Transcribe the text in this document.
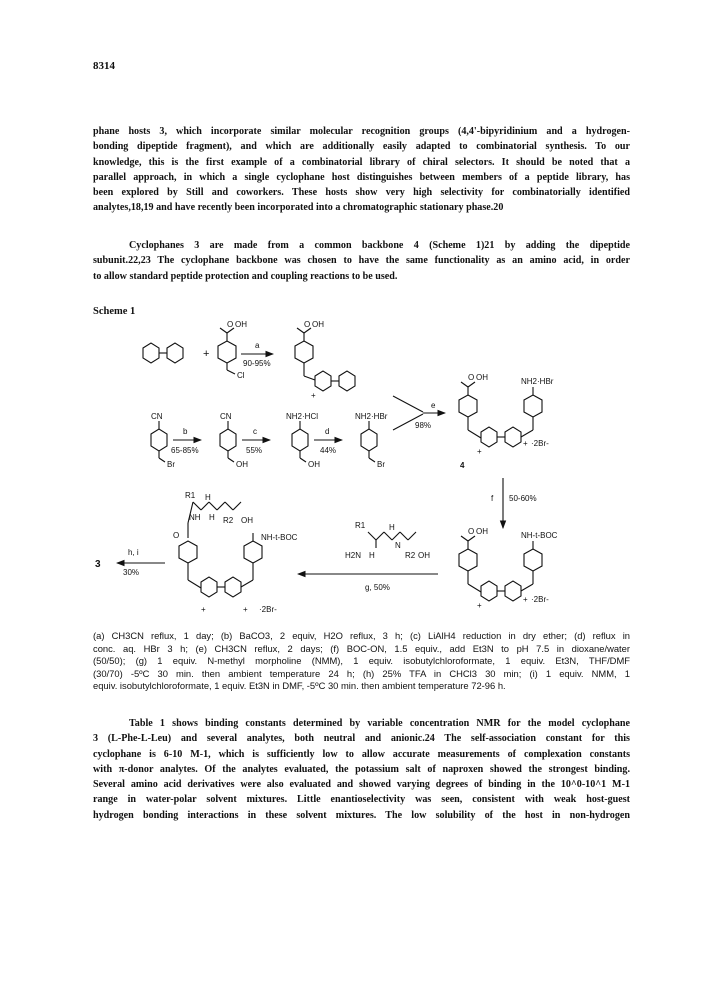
8314
phane hosts 3, which incorporate similar molecular recognition groups (4,4'-bipyridinium and a hydrogen-
bonding dipeptide fragment), and which are additionally easily adapted to combinatorial synthesis. To our
knowledge, this is the first example of a combinatorial library of chiral selectors. It should be noted that a
parallel approach, in which a single cyclophane host distinguishes between members of a peptide library, has
been explored by Still and coworkers. These hosts show very high selectivity for combinatorially identified
analytes,18,19 and have recently been incorporated into a chromatographic stationary phase.20
Cyclophanes 3 are made from a common backbone 4 (Scheme 1)21 by adding the dipeptide
subunit.22,23 The cyclophane backbone was chosen to have the same functionality as an amino acid, in order
to allow standard peptide protection and coupling reactions to be used.
Scheme 1
O OH
Cl
+
a
90-95%
O OH
+
CN
Br
b
65-85%
CN
OH
c
55%
NH2·HCl
OH
d
44%
NH2·HBr
Br
e
98%
O OH	NH2·HBr
+
+ ·2Br-
4
f 50-60%
O OH	NH-t-BOC
+
+ ·2Br-
R1	H
N
R2 OH
H2N H
g, 50%
R1 H
NH H R2 OH
O	NH-t-BOC
+	+ ·2Br-
h, i
30%
3
(a) CH3CN reflux, 1 day; (b) BaCO3, 2 equiv, H2O reflux, 3 h; (c) LiAlH4 reduction in dry ether; (d) reflux in
conc. aq. HBr 3 h; (e) CH3CN reflux, 2 days; (f) BOC-ON, 1.5 equiv., add Et3N to pH 7.5 in dioxane/water
(50/50); (g) 1 equiv. N-methyl morpholine (NMM), 1 equiv. isobutylchloroformate, 1 equiv. Et3N, THF/DMF
(30/70) -5ºC 30 min. then ambient temperature 24 h; (h) 25% TFA in CHCl3 30 min; (i) 1 equiv. NMM, 1
equiv. isobutylchloroformate, 1 equiv. Et3N in DMF, -5ºC 30 min. then ambient temperature 72-96 h.
Table 1 shows binding constants determined by variable concentration NMR for the model cyclophane
3 (L-Phe-L-Leu) and several analytes, both neutral and anionic.24 The self-association constant for this
cyclophane is 6-10 M-1, which is sufficiently low to allow accurate measurements of complexation constants
with π-donor analytes. Of the analytes evaluated, the potassium salt of naproxen showed the strongest binding.
Several amino acid derivatives were also evaluated and showed varying degrees of binding in the 10^0-10^1 M-1
range in water-polar solvent mixtures. Little enantioselectivity was seen, consistent with weak host-guest
hydrogen bonding interactions in these solvent mixtures. The low solubility of the host in non-hydrogen
